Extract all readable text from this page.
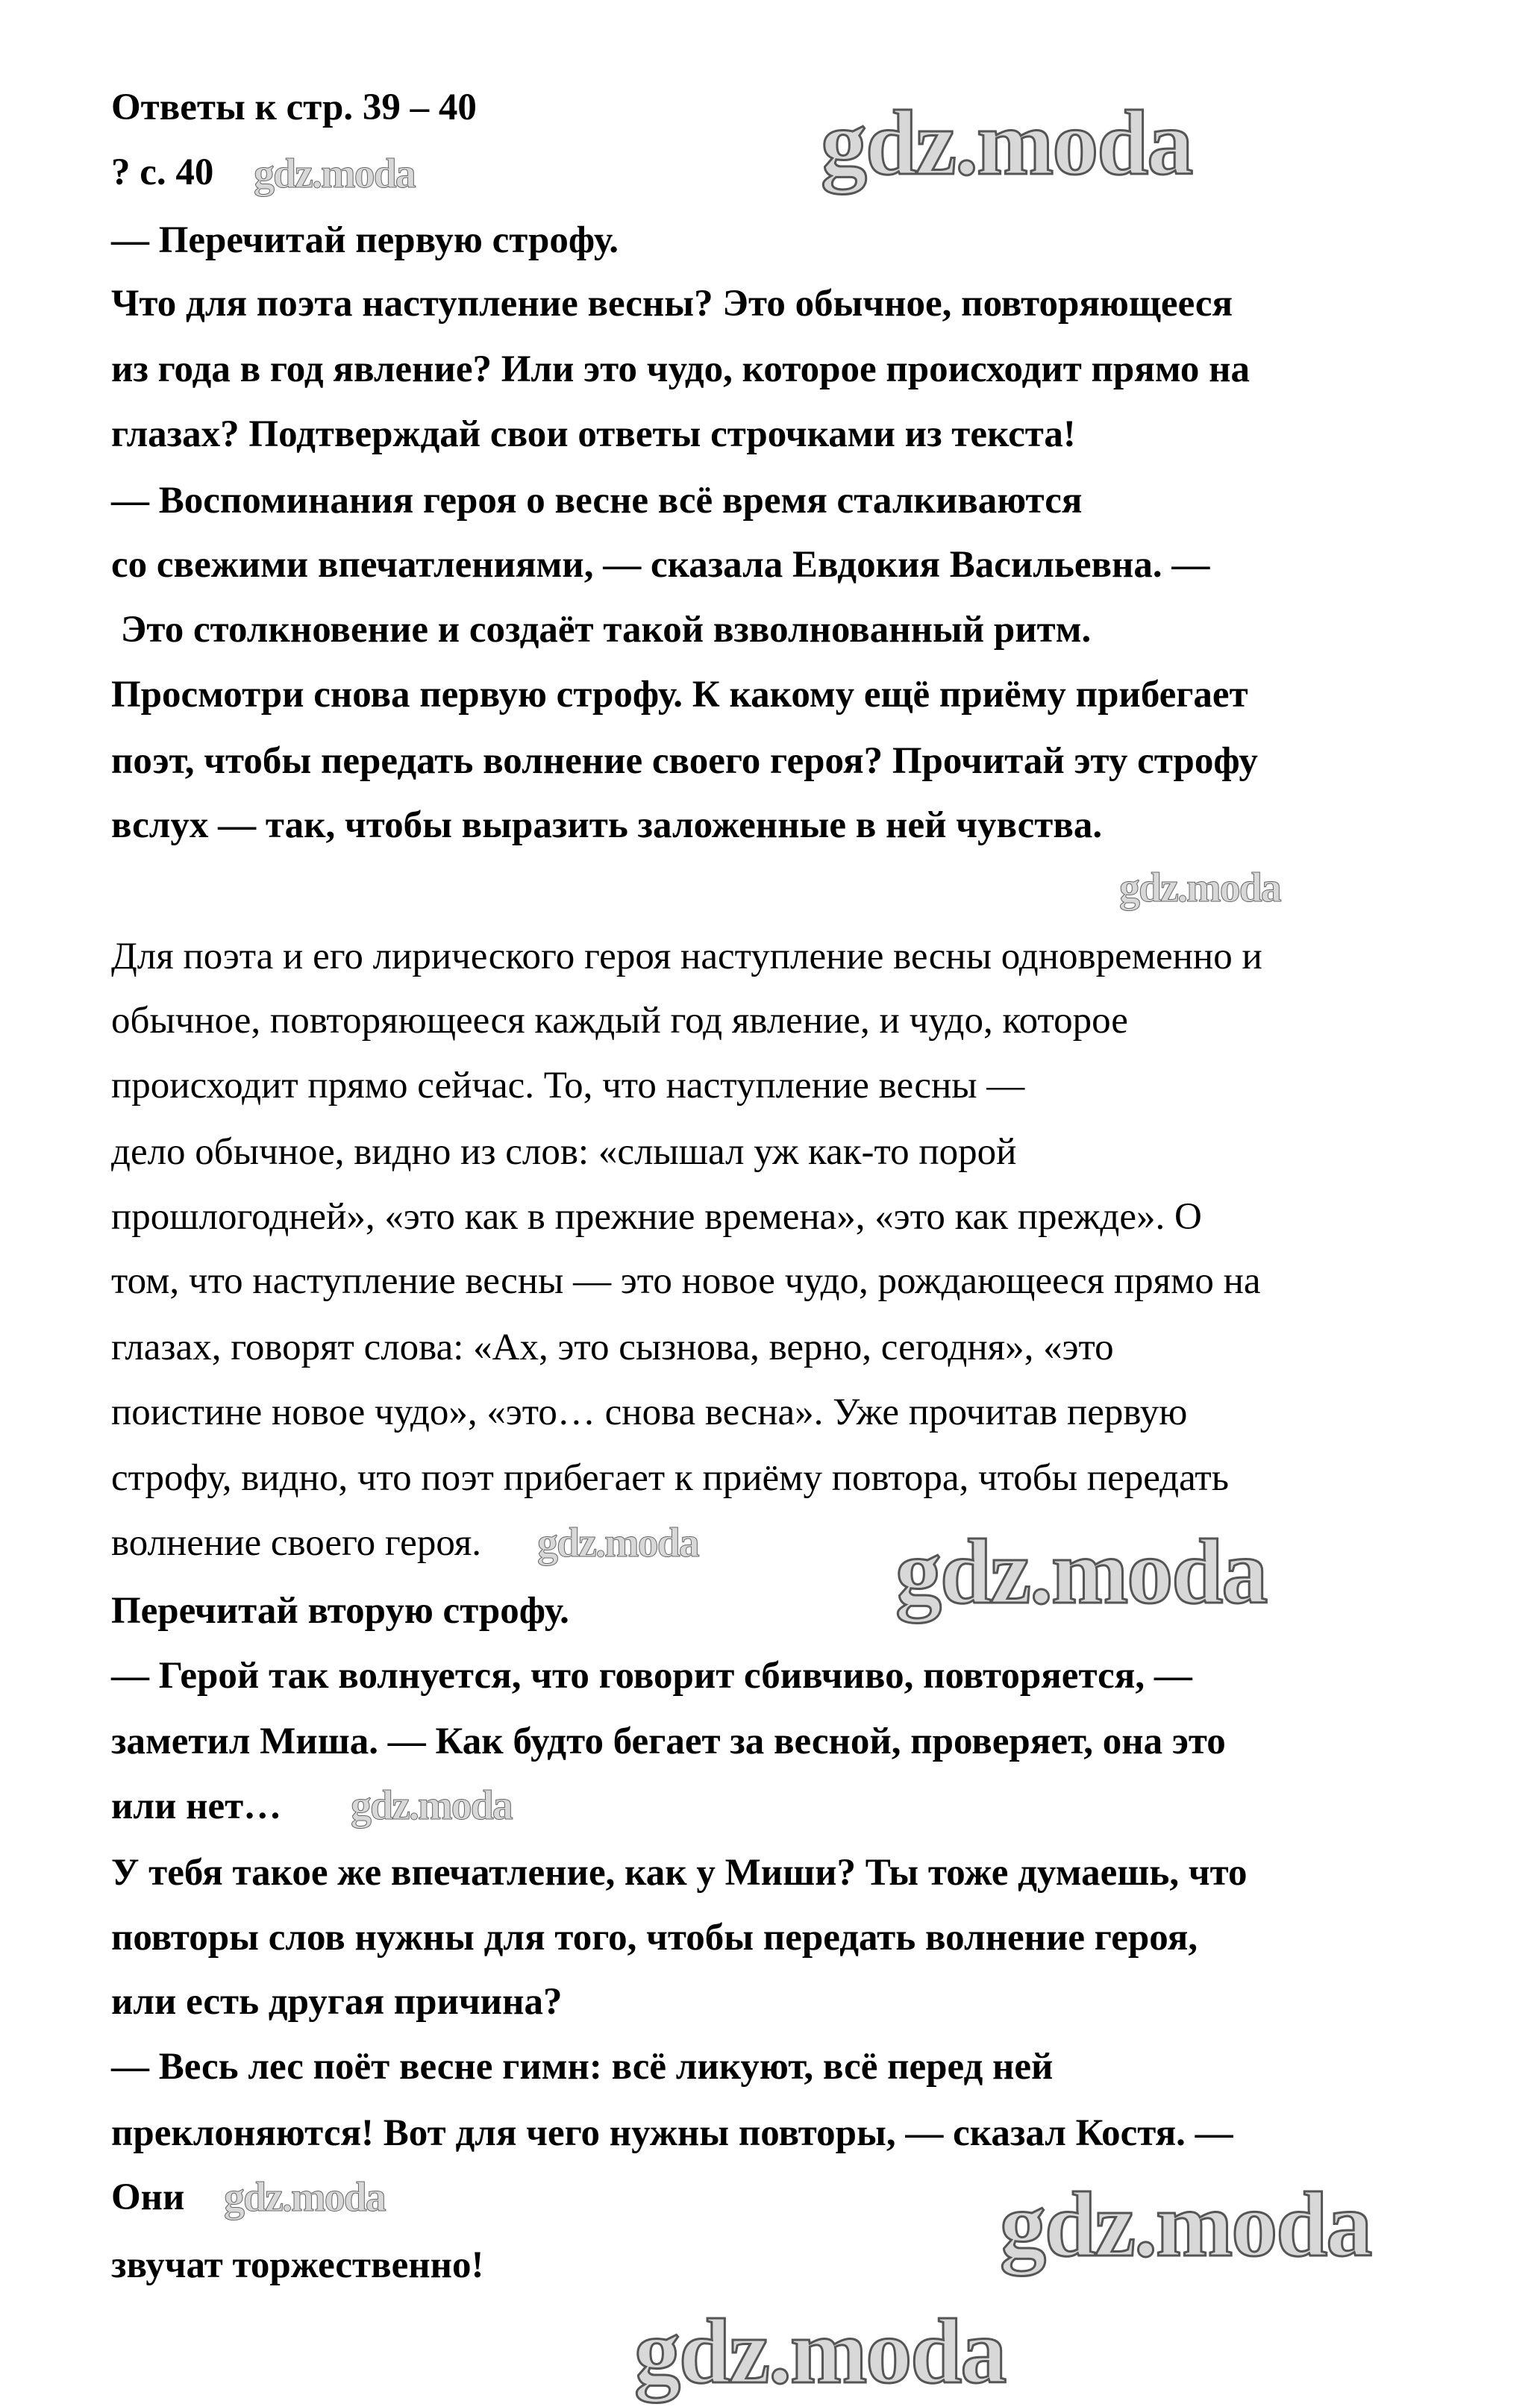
Ответы к стр. 39 – 40
? с. 40
— Перечитай первую строфу.
Что для поэта наступление весны? Это обычное, повторяющееся
из года в год явление? Или это чудо, которое происходит прямо на
глазах? Подтверждай свои ответы строчками из текста!
— Воспоминания героя о весне всё время сталкиваются
со свежими впечатлениями, — сказала Евдокия Васильевна. —
Это столкновение и создаёт такой взволнованный ритм.
Просмотри снова первую строфу. К какому ещё приёму прибегает
поэт, чтобы передать волнение своего героя? Прочитай эту строфу
вслух — так, чтобы выразить заложенные в ней чувства.
Для поэта и его лирического героя наступление весны одновременно и
обычное, повторяющееся каждый год явление, и чудо, которое
происходит прямо сейчас. То, что наступление весны —
дело обычное, видно из слов: «слышал уж как-то порой
прошлогодней», «это как в прежние времена», «это как прежде». О
том, что наступление весны — это новое чудо, рождающееся прямо на
глазах, говорят слова: «Ах, это сызнова, верно, сегодня», «это
поистине новое чудо», «это… снова весна». Уже прочитав первую
строфу, видно, что поэт прибегает к приёму повтора, чтобы передать
волнение своего героя.
Перечитай вторую строфу.
— Герой так волнуется, что говорит сбивчиво, повторяется, —
заметил Миша. — Как будто бегает за весной, проверяет, она это
или нет…
У тебя такое же впечатление, как у Миши? Ты тоже думаешь, что
повторы слов нужны для того, чтобы передать волнение героя,
или есть другая причина?
— Весь лес поёт весне гимн: всё ликуют, всё перед ней
преклоняются! Вот для чего нужны повторы, — сказал Костя. —
Они
звучат торжественно!
gdz.moda	gdz.moda
gdz.moda
gdz.moda gdz.moda
gdz.moda
gdz.moda	gdz.moda
gdz.moda
